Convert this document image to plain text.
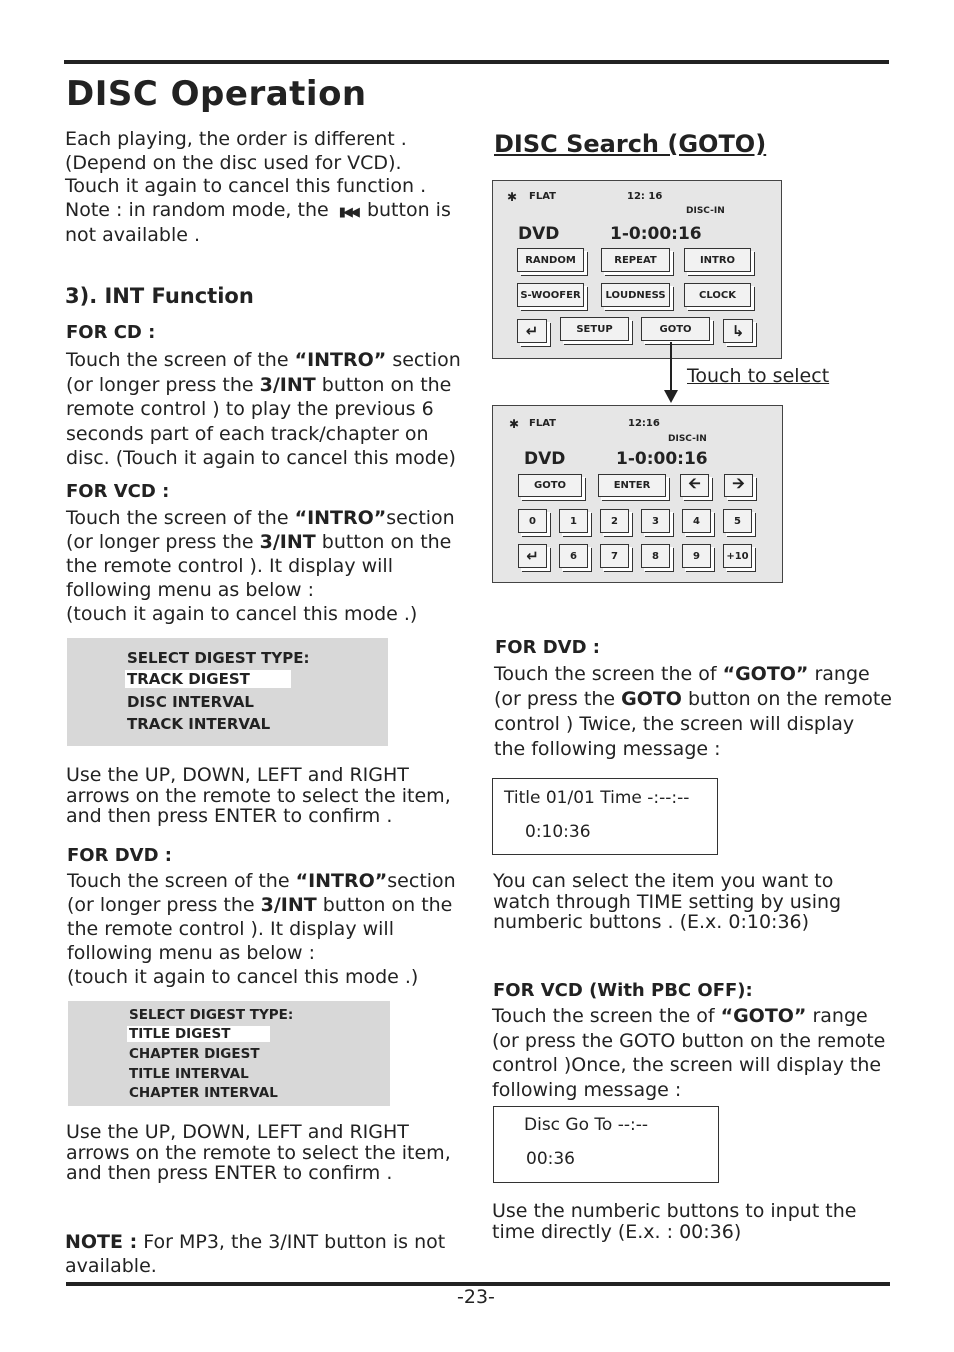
DISC Operation
Each playing, the order is different .
(Depend on the disc used for VCD).
Touch it again to cancel this function .
Note : in random mode, the ▮◀◀ button is
not available .
3). INT Function
FOR CD :
Touch the screen of the “INTRO” section
(or longer press the 3/INT button on the
remote control ) to play the previous 6
seconds part of each track/chapter on
disc. (Touch it again to cancel this mode)
FOR VCD :
Touch the screen of the “INTRO”section
(or longer press the 3/INT button on the
the remote control ). It display will
following menu as below :
(touch it again to cancel this mode .)
SELECT DIGEST TYPE:
TRACK DIGEST
DISC INTERVAL
TRACK INTERVAL
Use the UP, DOWN, LEFT and RIGHT
arrows on the remote to select the item,
and then press ENTER to confirm .
FOR DVD :
Touch the screen of the “INTRO”section
(or longer press the 3/INT button on the
the remote control ). It display will
following menu as below :
(touch it again to cancel this mode .)
SELECT DIGEST TYPE:
TITLE DIGEST
CHAPTER DIGEST
TITLE INTERVAL
CHAPTER INTERVAL
Use the UP, DOWN, LEFT and RIGHT
arrows on the remote to select the item,
and then press ENTER to confirm .
NOTE : For MP3, the 3/INT button is not
available.
DISC Search (GOTO)
✱ FLAT	12: 16
DISC-IN
DVD	1-0:00:16
RANDOM	REPEAT	INTRO
S-WOOFER	LOUDNESS	CLOCK
↵	SETUP	GOTO	↳
Touch to select
✱ FLAT	12:16
DISC-IN
DVD	1-0:00:16
GOTO	ENTER	🡨	🡪
0	1	2	3	4	5
↵	6	7	8	9	+10
FOR DVD :
Touch the screen the of “GOTO” range
(or press the GOTO button on the remote
control ) Twice, the screen will display
the following message :
Title 01/01 Time -:--:--
0:10:36
You can select the item you want to
watch through TIME setting by using
numberic buttons . (E.x. 0:10:36)
FOR VCD (With PBC OFF):
Touch the screen the of “GOTO” range
(or press the GOTO button on the remote
control )Once, the screen will display the
following message :
Disc Go To --:--
00:36
Use the numberic buttons to input the
time directly (E.x. : 00:36)
-23-
